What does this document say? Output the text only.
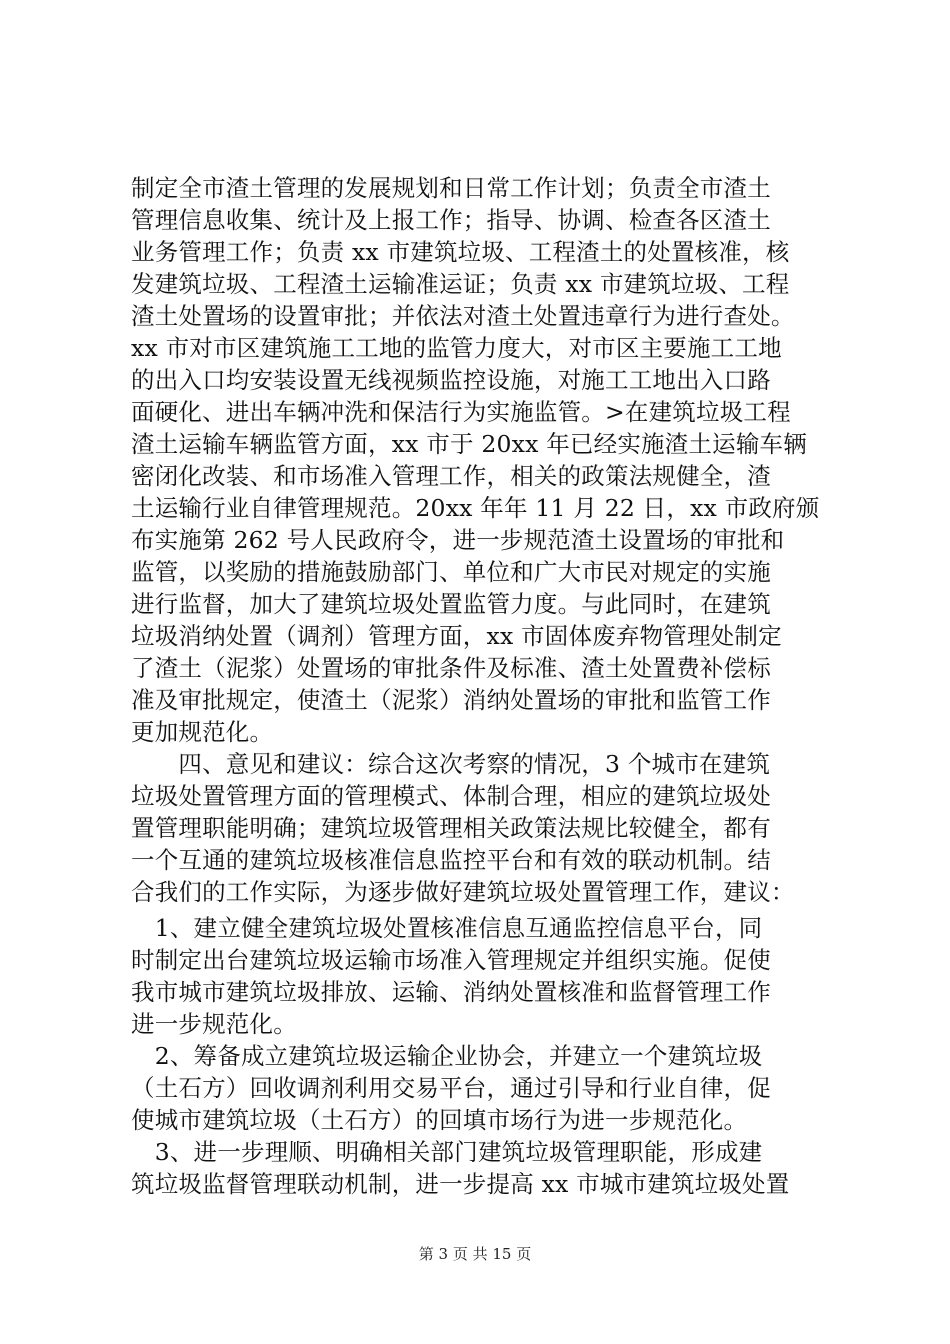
制定全市渣土管理的发展规划和日常工作计划；负责全市渣土
管理信息收集、统计及上报工作；指导、协调、检查各区渣土
业务管理工作；负责 xx 市建筑垃圾、工程渣土的处置核准，核
发建筑垃圾、工程渣土运输准运证；负责 xx 市建筑垃圾、工程
渣土处置场的设置审批；并依法对渣土处置违章行为进行查处。
xx 市对市区建筑施工工地的监管力度大，对市区主要施工工地
的出入口均安装设置无线视频监控设施，对施工工地出入口路
面硬化、进出车辆冲洗和保洁行为实施监管。>在建筑垃圾工程
渣土运输车辆监管方面，xx 市于 20xx 年已经实施渣土运输车辆
密闭化改装、和市场准入管理工作，相关的政策法规健全，渣
土运输行业自律管理规范。20xx 年年 11 月 22 日，xx 市政府颁
布实施第 262 号人民政府令，进一步规范渣土设置场的审批和
监管，以奖励的措施鼓励部门、单位和广大市民对规定的实施
进行监督，加大了建筑垃圾处置监管力度。与此同时，在建筑
垃圾消纳处置（调剂）管理方面，xx 市固体废弃物管理处制定
了渣土（泥浆）处置场的审批条件及标准、渣土处置费补偿标
准及审批规定，使渣土（泥浆）消纳处置场的审批和监管工作
更加规范化。
　　四、意见和建议：综合这次考察的情况，3 个城市在建筑
垃圾处置管理方面的管理模式、体制合理，相应的建筑垃圾处
置管理职能明确；建筑垃圾管理相关政策法规比较健全，都有
一个互通的建筑垃圾核准信息监控平台和有效的联动机制。结
合我们的工作实际，为逐步做好建筑垃圾处置管理工作，建议：
　1、建立健全建筑垃圾处置核准信息互通监控信息平台，同
时制定出台建筑垃圾运输市场准入管理规定并组织实施。促使
我市城市建筑垃圾排放、运输、消纳处置核准和监督管理工作
进一步规范化。
　2、筹备成立建筑垃圾运输企业协会，并建立一个建筑垃圾
（土石方）回收调剂利用交易平台，通过引导和行业自律，促
使城市建筑垃圾（土石方）的回填市场行为进一步规范化。
　3、进一步理顺、明确相关部门建筑垃圾管理职能，形成建
筑垃圾监督管理联动机制，进一步提高 xx 市城市建筑垃圾处置
第 3 页 共 15 页
